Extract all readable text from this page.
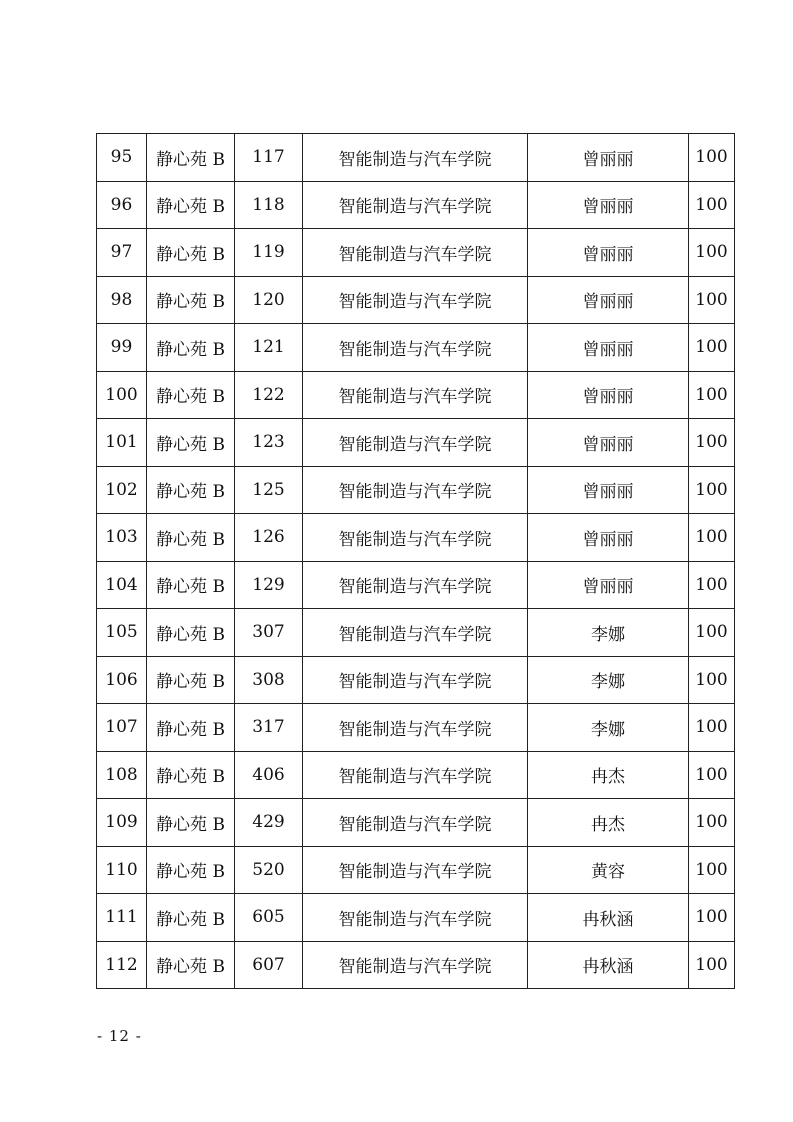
95	静心苑 B	117	智能制造与汽车学院	曾丽丽	100
96	静心苑 B	118	智能制造与汽车学院	曾丽丽	100
97	静心苑 B	119	智能制造与汽车学院	曾丽丽	100
98	静心苑 B	120	智能制造与汽车学院	曾丽丽	100
99	静心苑 B	121	智能制造与汽车学院	曾丽丽	100
100	静心苑 B	122	智能制造与汽车学院	曾丽丽	100
101	静心苑 B	123	智能制造与汽车学院	曾丽丽	100
102	静心苑 B	125	智能制造与汽车学院	曾丽丽	100
103	静心苑 B	126	智能制造与汽车学院	曾丽丽	100
104	静心苑 B	129	智能制造与汽车学院	曾丽丽	100
105	静心苑 B	307	智能制造与汽车学院	李娜	100
106	静心苑 B	308	智能制造与汽车学院	李娜	100
107	静心苑 B	317	智能制造与汽车学院	李娜	100
108	静心苑 B	406	智能制造与汽车学院	冉杰	100
109	静心苑 B	429	智能制造与汽车学院	冉杰	100
110	静心苑 B	520	智能制造与汽车学院	黄容	100
111	静心苑 B	605	智能制造与汽车学院	冉秋涵	100
112	静心苑 B	607	智能制造与汽车学院	冉秋涵	100
- 12 -
